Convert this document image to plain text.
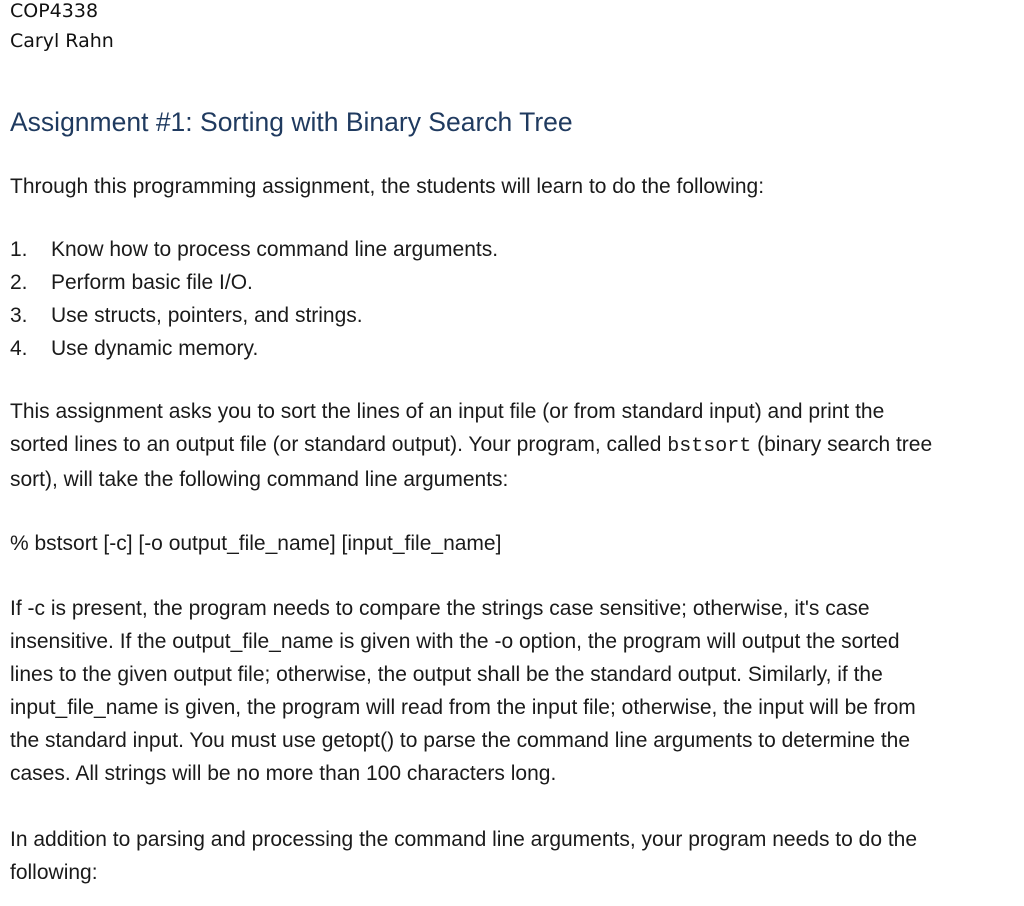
COP4338
Caryl Rahn
Assignment #1: Sorting with Binary Search Tree
Through this programming assignment, the students will learn to do the following:
1. Know how to process command line arguments.
2. Perform basic file I/O.
3. Use structs, pointers, and strings.
4. Use dynamic memory.
This assignment asks you to sort the lines of an input file (or from standard input) and print the
sorted lines to an output file (or standard output). Your program, called bstsort (binary search tree
sort), will take the following command line arguments:
% bstsort [-c] [-o output_file_name] [input_file_name]
If -c is present, the program needs to compare the strings case sensitive; otherwise, it's case
insensitive. If the output_file_name is given with the -o option, the program will output the sorted
lines to the given output file; otherwise, the output shall be the standard output. Similarly, if the
input_file_name is given, the program will read from the input file; otherwise, the input will be from
the standard input. You must use getopt() to parse the command line arguments to determine the
cases. All strings will be no more than 100 characters long.
In addition to parsing and processing the command line arguments, your program needs to do the
following:
